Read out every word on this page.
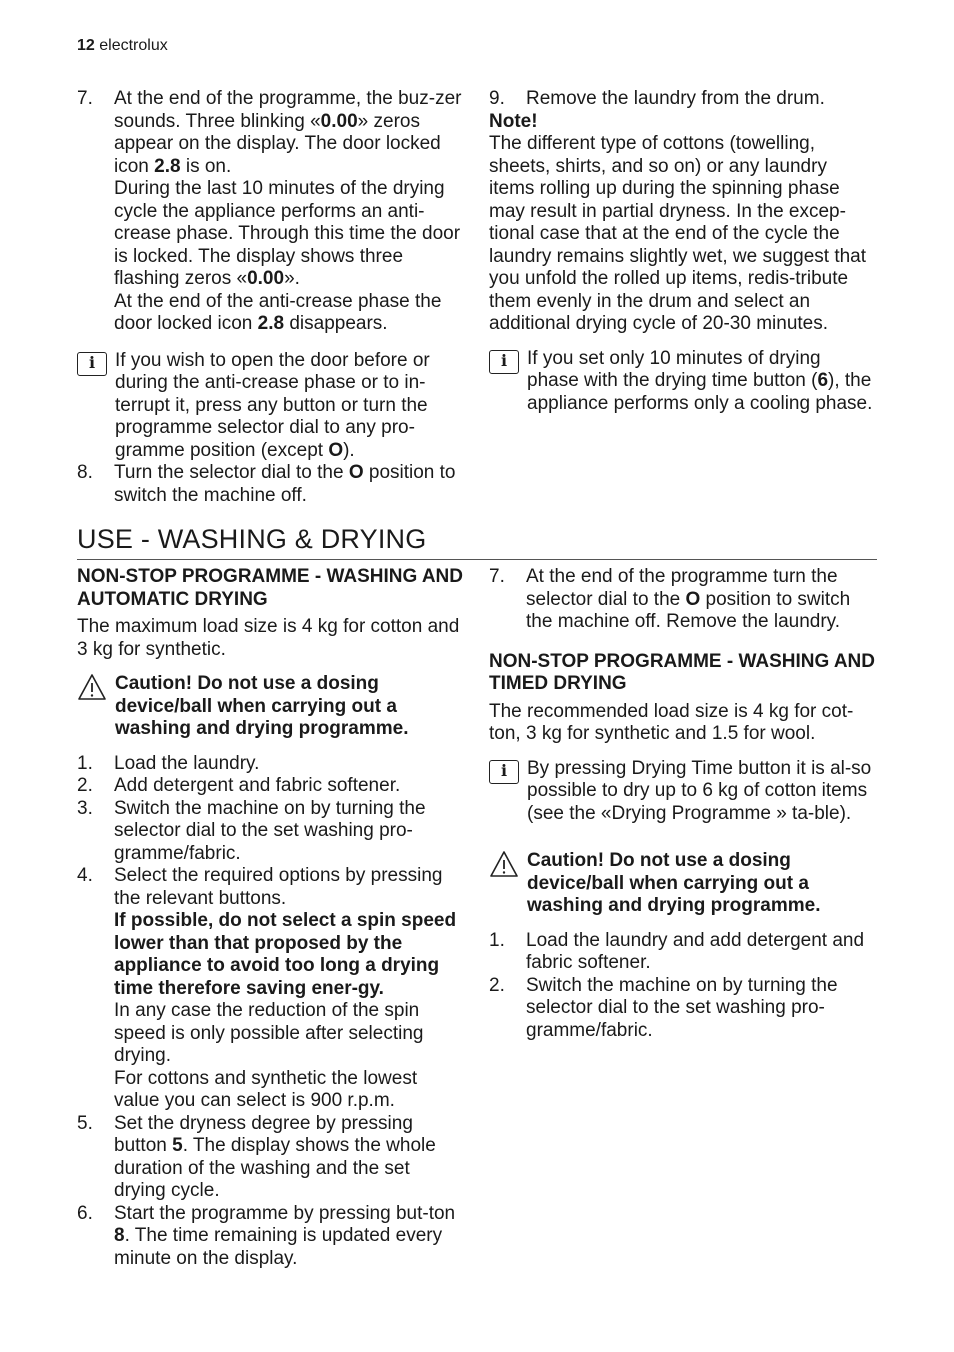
12 electrolux
7.	At the end of the programme, the buz-zer sounds. Three blinking «0.00» zeros appear on the display. The door locked icon 2.8 is on.

During the last 10 minutes of the drying cycle the appliance performs an anti-crease phase. Through this time the door is locked. The display shows three flashing zeros «0.00».

At the end of the anti-crease phase the door locked icon 2.8 disappears.

i	If you wish to open the door before or during the anti-crease phase or to in-terrupt it, press any button or turn the programme selector dial to any pro-gramme position (except O).
8.	Turn the selector dial to the O position to switch the machine off.
9.	Remove the laundry from the drum.

Note!

The different type of cottons (towelling, sheets, shirts, and so on) or any laundry items rolling up during the spinning phase may result in partial dryness. In the excep-tional case that at the end of the cycle the laundry remains slightly wet, we suggest that you unfold the rolled up items, redis-tribute them evenly in the drum and select an additional drying cycle of 20-30 minutes.

i	If you set only 10 minutes of drying phase with the drying time button (6), the appliance performs only a cooling phase.
USE - WASHING & DRYING

NON-STOP PROGRAMME - WASHING AND AUTOMATIC DRYING

The maximum load size is 4 kg for cotton and 3 kg for synthetic.

Caution! Do not use a dosing device/ball when carrying out a washing and drying programme.
1.	Load the laundry.
2.	Add detergent and fabric softener.
3.	Switch the machine on by turning the selector dial to the set washing pro-gramme/fabric.
4.	Select the required options by pressing the relevant buttons.

If possible, do not select a spin speed lower than that proposed by the appliance to avoid too long a drying time therefore saving ener-gy.

In any case the reduction of the spin speed is only possible after selecting drying.

For cottons and synthetic the lowest value you can select is 900 r.p.m.

5.	Set the dryness degree by pressing button 5. The display shows the whole duration of the washing and the set drying cycle.
6.	Start the programme by pressing but-ton 8. The time remaining is updated every minute on the display.
7.	At the end of the programme turn the selector dial to the O position to switch the machine off. Remove the laundry.

NON-STOP PROGRAMME - WASHING AND TIMED DRYING

The recommended load size is 4 kg for cot-ton, 3 kg for synthetic and 1.5 for wool.

i	By pressing Drying Time button it is al-so possible to dry up to 6 kg of cotton items (see the «Drying Programme » ta-ble).
Caution! Do not use a dosing device/ball when carrying out a washing and drying programme.
1.	Load the laundry and add detergent and fabric softener.
2.	Switch the machine on by turning the selector dial to the set washing pro-gramme/fabric.
